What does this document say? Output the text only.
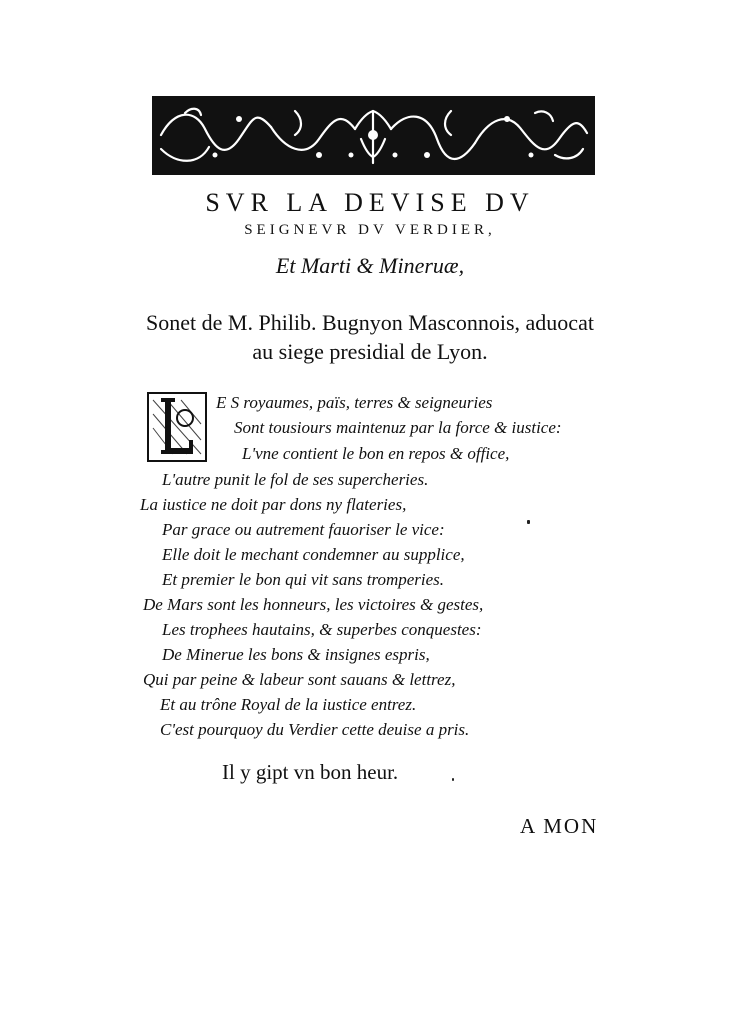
SVR LA DEVISE DV
SEIGNEVR DV VERDIER,
Et Marti & Mineruæ,
Sonet de M. Philib. Bugnyon Masconnois, aduocat
au siege presidial de Lyon.
E S royaumes, païs, terres & seigneuries
Sont tousiours maintenuz par la force & iustice:
L'vne contient le bon en repos & office,
L'autre punit le fol de ses supercheries.
La iustice ne doit par dons ny flateries,
Par grace ou autrement fauoriser le vice:
Elle doit le mechant condemner au supplice,
Et premier le bon qui vit sans tromperies.
De Mars sont les honneurs, les victoires & gestes,
Les trophees hautains, & superbes conquestes:
De Minerue les bons & insignes espris,
Qui par peine & labeur sont sauans & lettrez,
Et au trône Royal de la iustice entrez.
C'est pourquoy du Verdier cette deuise a pris.
Il y gipt vn bon heur.
A MON
